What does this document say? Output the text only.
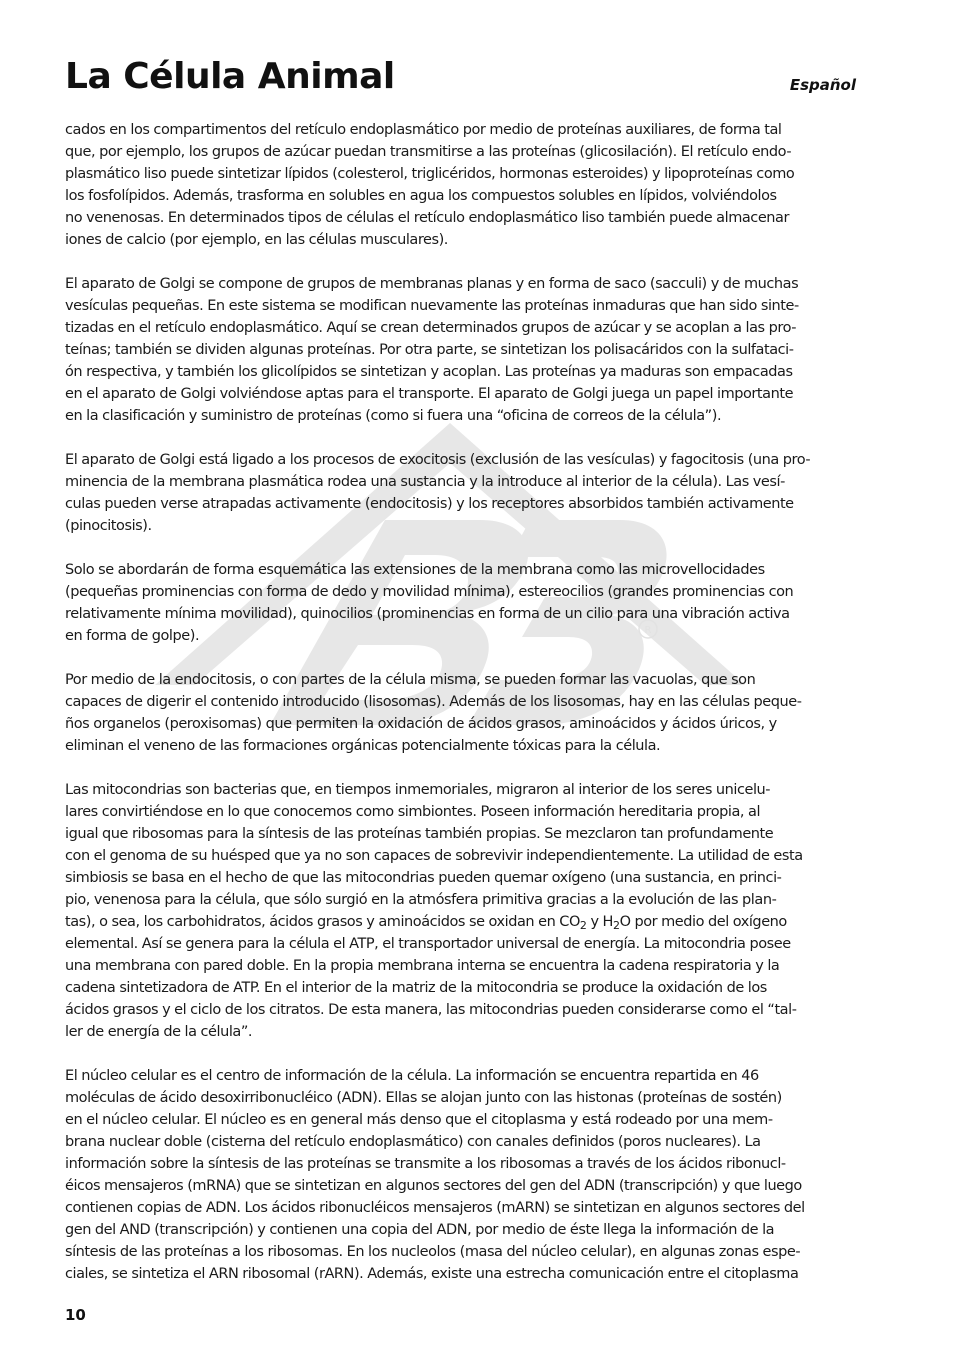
R
La Célula Animal	Español

cados en los compartimentos del retículo endoplasmático por medio de proteínas auxiliares, de forma tal
que, por ejemplo, los grupos de azúcar puedan transmitirse a las proteínas (glicosilación). El retículo endo-
plasmático liso puede sintetizar lípidos (colesterol, triglicéridos, hormonas esteroides) y lipoproteínas como
los fosfolípidos. Además, trasforma en solubles en agua los compuestos solubles en lípidos, volviéndolos
no venenosas. En determinados tipos de células el retículo endoplasmático liso también puede almacenar
iones de calcio (por ejemplo, en las células musculares).

El aparato de Golgi se compone de grupos de membranas planas y en forma de saco (sacculi) y de muchas
vesículas pequeñas. En este sistema se modifican nuevamente las proteínas inmaduras que han sido sinte-
tizadas en el retículo endoplasmático. Aquí se crean determinados grupos de azúcar y se acoplan a las pro-
teínas; también se dividen algunas proteínas. Por otra parte, se sintetizan los polisacáridos con la sulfataci-
ón respectiva, y también los glicolípidos se sintetizan y acoplan. Las proteínas ya maduras son empacadas
en el aparato de Golgi volviéndose aptas para el transporte. El aparato de Golgi juega un papel importante
en la clasificación y suministro de proteínas (como si fuera una “oficina de correos de la célula”).

El aparato de Golgi está ligado a los procesos de exocitosis (exclusión de las vesículas) y fagocitosis (una pro-
minencia de la membrana plasmática rodea una sustancia y la introduce al interior de la célula). Las vesí-
culas pueden verse atrapadas activamente (endocitosis) y los receptores absorbidos también activamente
(pinocitosis).

Solo se abordarán de forma esquemática las extensiones de la membrana como las microvellocidades
(pequeñas prominencias con forma de dedo y movilidad mínima), estereocilios (grandes prominencias con
relativamente mínima movilidad), quinocilios (prominencias en forma de un cilio para una vibración activa
en forma de golpe).

Por medio de la endocitosis, o con partes de la célula misma, se pueden formar las vacuolas, que son
capaces de digerir el contenido introducido (lisosomas). Además de los lisosomas, hay en las células peque-
ños organelos (peroxisomas) que permiten la oxidación de ácidos grasos, aminoácidos y ácidos úricos, y
eliminan el veneno de las formaciones orgánicas potencialmente tóxicas para la célula.

Las mitocondrias son bacterias que, en tiempos inmemoriales, migraron al interior de los seres unicelu-
lares convirtiéndose en lo que conocemos como simbiontes. Poseen información hereditaria propia, al
igual que ribosomas para la síntesis de las proteínas también propias. Se mezclaron tan profundamente
con el genoma de su huésped que ya no son capaces de sobrevivir independientemente. La utilidad de esta
simbiosis se basa en el hecho de que las mitocondrias pueden quemar oxígeno (una sustancia, en princi-
pio, venenosa para la célula, que sólo surgió en la atmósfera primitiva gracias a la evolución de las plan-
tas), o sea, los carbohidratos, ácidos grasos y aminoácidos se oxidan en $CO_2$ y $H_2O$ por medio del oxígeno
elemental. Así se genera para la célula el ATP, el transportador universal de energía. La mitocondria posee
una membrana con pared doble. En la propia membrana interna se encuentra la cadena respiratoria y la
cadena sintetizadora de ATP. En el interior de la matriz de la mitocondria se produce la oxidación de los
ácidos grasos y el ciclo de los citratos. De esta manera, las mitocondrias pueden considerarse como el “tal-
ler de energía de la célula”.

El núcleo celular es el centro de información de la célula. La información se encuentra repartida en 46
moléculas de ácido desoxirribonucléico (ADN). Ellas se alojan junto con las histonas (proteínas de sostén)
en el núcleo celular. El núcleo es en general más denso que el citoplasma y está rodeado por una mem-
brana nuclear doble (cisterna del retículo endoplasmático) con canales definidos (poros nucleares). La
información sobre la síntesis de las proteínas se transmite a los ribosomas a través de los ácidos ribonucl-
éicos mensajeros (mRNA) que se sintetizan en algunos sectores del gen del ADN (transcripción) y que luego
contienen copias de ADN. Los ácidos ribonucléicos mensajeros (mARN) se sintetizan en algunos sectores del
gen del AND (transcripción) y contienen una copia del ADN, por medio de éste llega la información de la
síntesis de las proteínas a los ribosomas. En los nucleolos (masa del núcleo celular), en algunas zonas espe-
ciales, se sintetiza el ARN ribosomal (rARN). Además, existe una estrecha comunicación entre el citoplasma

10
